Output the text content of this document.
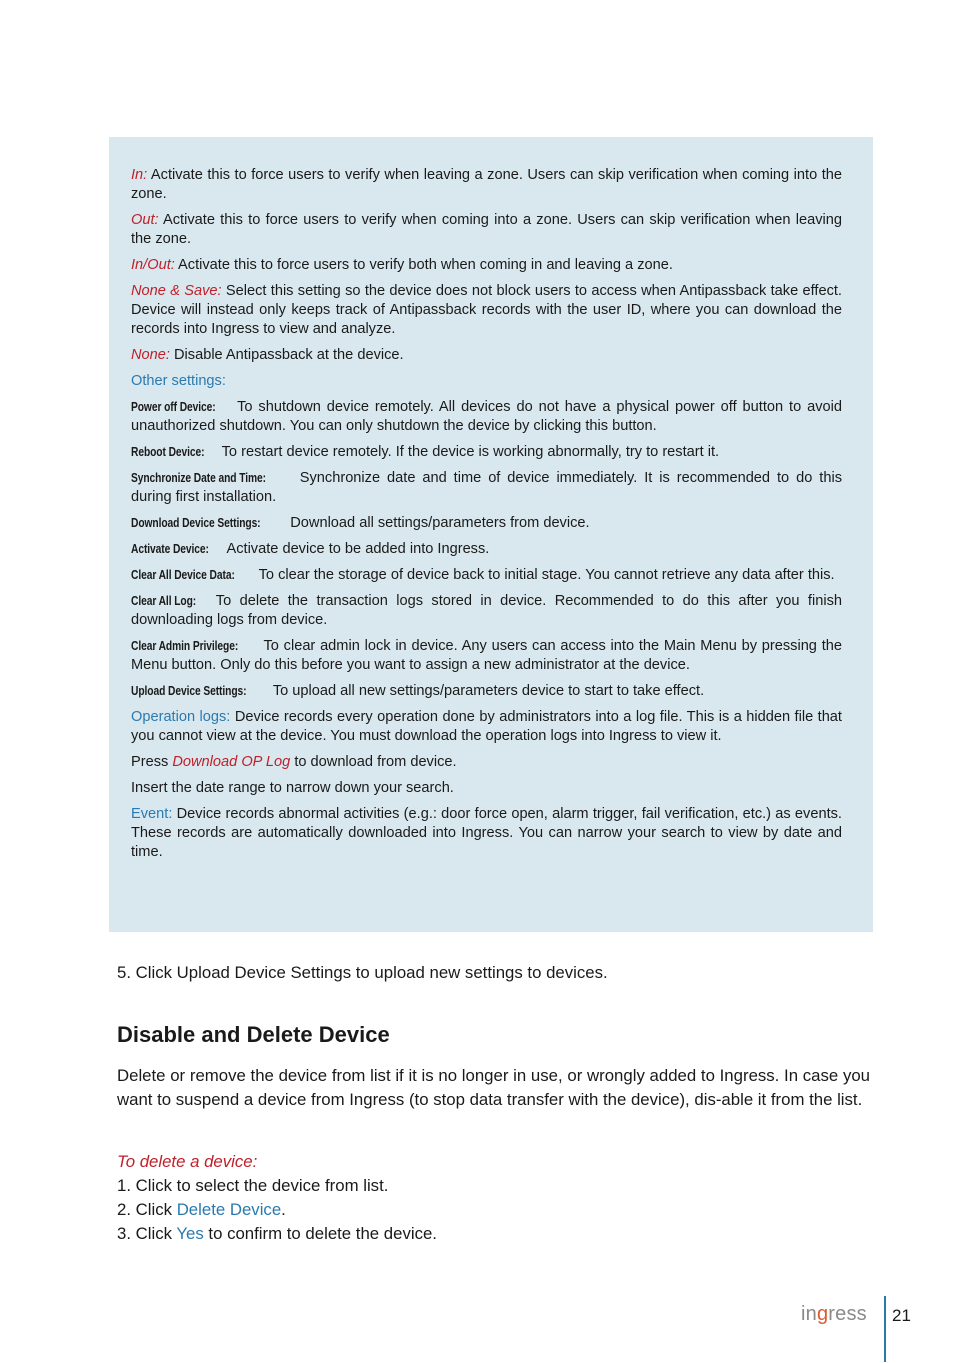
In: Activate this to force users to verify when leaving a zone. Users can skip verification when coming into the zone.

Out: Activate this to force users to verify when coming into a zone. Users can skip verification when leaving the zone.

In/Out: Activate this to force users to verify both when coming in and leaving a zone.

None & Save: Select this setting so the device does not block users to access when Antipassback take effect. Device will instead only keeps track of Antipassback records with the user ID, where you can download the records into Ingress to view and analyze.

None: Disable Antipassback at the device.

Other settings:

Power off Device: To shutdown device remotely. All devices do not have a physical power off button to avoid unauthorized shutdown. You can only shutdown the device by clicking this button.

Reboot Device: To restart device remotely. If the device is working abnormally, try to restart it.

Synchronize Date and Time: Synchronize date and time of device immediately. It is recommended to do this during first installation.

Download Device Settings: Download all settings/parameters from device.

Activate Device: Activate device to be added into Ingress.

Clear All Device Data: To clear the storage of device back to initial stage. You cannot retrieve any data after this.

Clear All Log: To delete the transaction logs stored in device. Recommended to do this after you finish downloading logs from device.

Clear Admin Privilege: To clear admin lock in device. Any users can access into the Main Menu by pressing the Menu button. Only do this before you want to assign a new administrator at the device.

Upload Device Settings: To upload all new settings/parameters device to start to take effect.

Operation logs: Device records every operation done by administrators into a log file. This is a hidden file that you cannot view at the device. You must download the operation logs into Ingress to view it.

Press Download OP Log to download from device.

Insert the date range to narrow down your search.

Event: Device records abnormal activities (e.g.: door force open, alarm trigger, fail verification, etc.) as events. These records are automatically downloaded into Ingress. You can narrow your search to view by date and time.

5. Click Upload Device Settings to upload new settings to devices.

Disable and Delete Device

Delete or remove the device from list if it is no longer in use, or wrongly added to Ingress. In case you want to suspend a device from Ingress (to stop data transfer with the device), dis-able it from the list.

To delete a device:

1. Click to select the device from list.
2. Click Delete Device.
3. Click Yes to confirm to delete the device.
ingress 21
